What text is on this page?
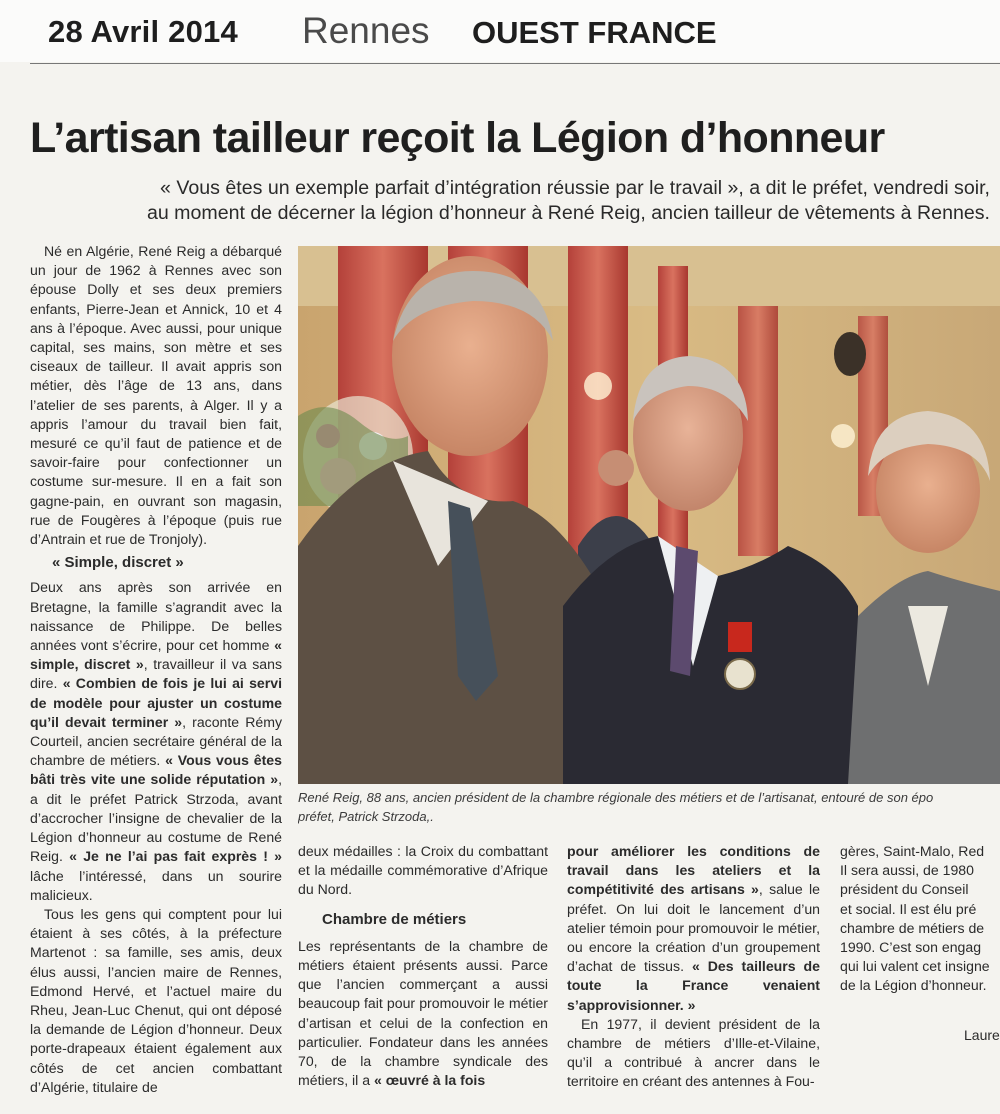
28 Avril 2014 Rennes OUEST FRANCE
L’artisan tailleur reçoit la Légion d’honneur
« Vous êtes un exemple parfait d’intégration réussie par le travail », a dit le préfet, vendredi soir,
au moment de décerner la légion d’honneur à René Reig, ancien tailleur de vêtements à Rennes.

Né en Algérie, René Reig a débarqué un jour de 1962 à Rennes avec son épouse Dolly et ses deux premiers enfants, Pierre-Jean et Annick, 10 et 4 ans à l’époque. Avec aussi, pour unique capital, ses mains, son mètre et ses ciseaux de tailleur. Il avait appris son métier, dès l’âge de 13 ans, dans l’atelier de ses parents, à Alger. Il y a appris l’amour du travail bien fait, mesuré ce qu’il faut de patience et de savoir-faire pour confectionner un costume sur-mesure. Il en a fait son gagne-pain, en ouvrant son magasin, rue de Fougères à l’époque (puis rue d’Antrain et rue de Tronjoly).

« Simple, discret »

Deux ans après son arrivée en Bretagne, la famille s’agrandit avec la naissance de Philippe. De belles années vont s’écrire, pour cet homme « simple, discret », travailleur il va sans dire. « Combien de fois je lui ai servi de modèle pour ajuster un costume qu’il devait terminer », raconte Rémy Courteil, ancien secrétaire général de la chambre de métiers. « Vous vous êtes bâti très vite une solide réputation », a dit le préfet Patrick Strzoda, avant d’accrocher l’insigne de chevalier de la Légion d’honneur au costume de René Reig. « Je ne l’ai pas fait exprès ! » lâche l’intéressé, dans un sourire malicieux.

Tous les gens qui comptent pour lui étaient à ses côtés, à la préfecture Martenot : sa famille, ses amis, deux élus aussi, l’ancien maire de Rennes, Edmond Hervé, et l’actuel maire du Rheu, Jean-Luc Chenut, qui ont déposé la demande de Légion d’honneur. Deux porte-drapeaux étaient également aux côtés de cet ancien combattant d’Algérie, titulaire de

René Reig, 88 ans, ancien président de la chambre régionale des métiers et de l’artisanat, entouré de son épo
préfet, Patrick Strzoda,.

deux médailles : la Croix du combattant et la médaille commémorative d’Afrique du Nord.

Chambre de métiers

Les représentants de la chambre de métiers étaient présents aussi. Parce que l’ancien commerçant a aussi beaucoup fait pour promouvoir le métier d’artisan et celui de la confection en particulier. Fondateur dans les années 70, de la chambre syndicale des métiers, il a « œuvré à la fois

pour améliorer les conditions de travail dans les ateliers et la compétitivité des artisans », salue le préfet. On lui doit le lancement d’un atelier témoin pour promouvoir le métier, ou encore la création d’un groupement d’achat de tissus. « Des tailleurs de toute la France venaient s’approvisionner. »

En 1977, il devient président de la chambre de métiers d’Ille-et-Vilaine, qu’il a contribué à ancrer dans le territoire en créant des antennes à Fou-

gères, Saint-Malo, Red
Il sera aussi, de 1980
président du Conseil
et social. Il est élu pré
chambre de métiers de
1990. C’est son engag
qui lui valent cet insigne
de la Légion d’honneur.
Laure
